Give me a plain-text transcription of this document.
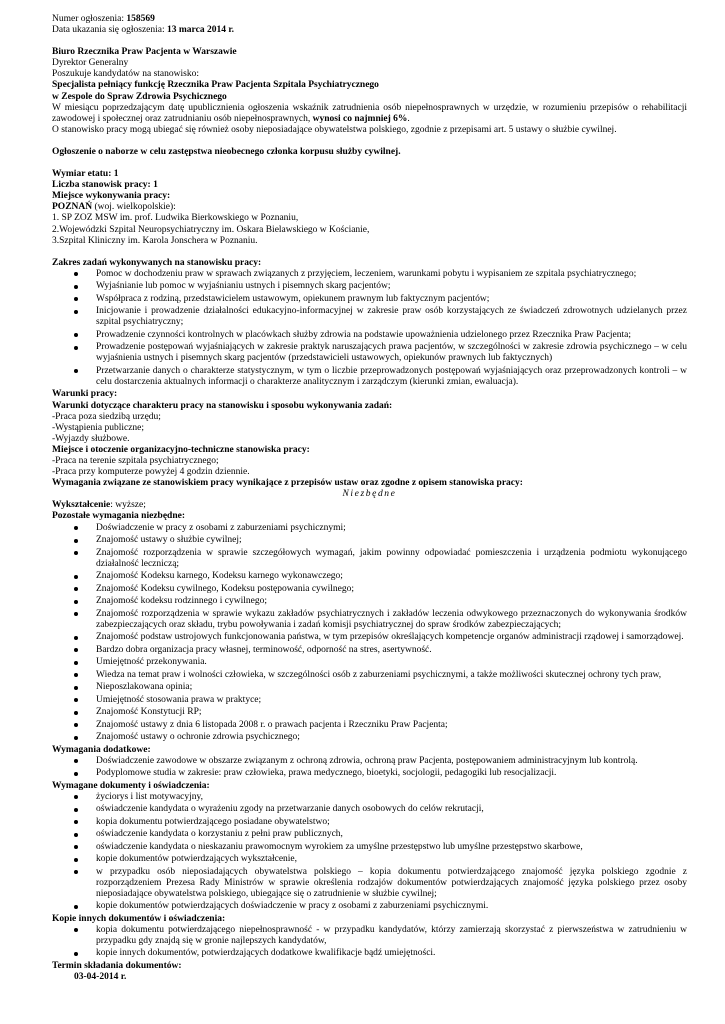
Numer ogłoszenia: 158569

Data ukazania się ogłoszenia: 13 marca 2014 r.

Biuro Rzecznika Praw Pacjenta w Warszawie

Dyrektor Generalny

Poszukuje kandydatów na stanowisko:

Specjalista pełniący funkcję Rzecznika Praw Pacjenta Szpitala Psychiatrycznego

w Zespole do Spraw Zdrowia Psychicznego

W miesiącu poprzedzającym datę upublicznienia ogłoszenia wskaźnik zatrudnienia osób niepełnosprawnych w urzędzie, w rozumieniu przepisów o rehabilitacji zawodowej i społecznej oraz zatrudnianiu osób niepełnosprawnych, wynosi co najmniej 6%.

O stanowisko pracy mogą ubiegać się również osoby nieposiadające obywatelstwa polskiego, zgodnie z przepisami art. 5 ustawy o służbie cywilnej.

Ogłoszenie o naborze w celu zastępstwa nieobecnego członka korpusu służby cywilnej.

Wymiar etatu: 1

Liczba stanowisk pracy: 1

Miejsce wykonywania pracy:

POZNAŃ (woj. wielkopolskie):

1. SP ZOZ MSW im. prof. Ludwika Bierkowskiego w Poznaniu,

2.Wojewódzki Szpital Neuropsychiatryczny im. Oskara Bielawskiego w Kościanie,

3.Szpital Kliniczny im. Karola Jonschera w Poznaniu.

Zakres zadań wykonywanych na stanowisku pracy:

Pomoc w dochodzeniu praw w sprawach związanych z przyjęciem, leczeniem, warunkami pobytu i wypisaniem ze szpitala psychiatrycznego;
Wyjaśnianie lub pomoc w wyjaśnianiu ustnych i pisemnych skarg pacjentów;
Współpraca z rodziną, przedstawicielem ustawowym, opiekunem prawnym lub faktycznym pacjentów;
Inicjowanie i prowadzenie działalności edukacyjno-informacyjnej w zakresie praw osób korzystających ze świadczeń zdrowotnych udzielanych przez szpital psychiatryczny;
Prowadzenie czynności kontrolnych w placówkach służby zdrowia na podstawie upoważnienia udzielonego przez Rzecznika Praw Pacjenta;
Prowadzenie postępowań wyjaśniających w zakresie praktyk naruszających prawa pacjentów, w szczególności w zakresie zdrowia psychicznego – w celu wyjaśnienia ustnych i pisemnych skarg pacjentów (przedstawicieli ustawowych, opiekunów prawnych lub faktycznych)
Przetwarzanie danych o charakterze statystycznym, w tym o liczbie przeprowadzonych postępowań wyjaśniających oraz przeprowadzonych kontroli – w celu dostarczenia aktualnych informacji o charakterze analitycznym i zarządczym (kierunki zmian, ewaluacja).

Warunki pracy:

Warunki dotyczące charakteru pracy na stanowisku i sposobu wykonywania zadań:

-Praca poza siedzibą urzędu;

-Wystąpienia publiczne;

-Wyjazdy służbowe.

Miejsce i otoczenie organizacyjno-techniczne stanowiska pracy:

-Praca na terenie szpitala psychiatrycznego;

-Praca przy komputerze powyżej 4 godzin dziennie.

Wymagania związane ze stanowiskiem pracy wynikające z przepisów ustaw oraz zgodne z opisem stanowiska pracy:

Niezbędne

Wykształcenie: wyższe;

Pozostałe wymagania niezbędne:

Doświadczenie w pracy z osobami z zaburzeniami psychicznymi;
Znajomość ustawy o służbie cywilnej;
Znajomość rozporządzenia w sprawie szczegółowych wymagań, jakim powinny odpowiadać pomieszczenia i urządzenia podmiotu wykonującego działalność leczniczą;
Znajomość Kodeksu karnego, Kodeksu karnego wykonawczego;
Znajomość Kodeksu cywilnego, Kodeksu postępowania cywilnego;
Znajomość kodeksu rodzinnego i cywilnego;
Znajomość rozporządzenia w sprawie wykazu zakładów psychiatrycznych i zakładów leczenia odwykowego przeznaczonych do wykonywania środków zabezpieczających oraz składu, trybu powoływania i zadań komisji psychiatrycznej do spraw środków zabezpieczających;
Znajomość podstaw ustrojowych funkcjonowania państwa, w tym przepisów określających kompetencje organów administracji rządowej i samorządowej.
Bardzo dobra organizacja pracy własnej, terminowość, odporność na stres, asertywność.
Umiejętność przekonywania.
Wiedza na temat praw i wolności człowieka, w szczególności osób z zaburzeniami psychicznymi, a także możliwości skutecznej ochrony tych praw,
Nieposzlakowana opinia;
Umiejętność stosowania prawa w praktyce;
Znajomość Konstytucji RP;
Znajomość ustawy z dnia 6 listopada 2008 r. o prawach pacjenta i Rzeczniku Praw Pacjenta;
Znajomość ustawy o ochronie zdrowia psychicznego;

Wymagania dodatkowe:

Doświadczenie zawodowe w obszarze związanym z ochroną zdrowia, ochroną praw Pacjenta, postępowaniem administracyjnym lub kontrolą.
Podyplomowe studia w zakresie: praw człowieka, prawa medycznego, bioetyki, socjologii, pedagogiki lub resocjalizacji.

Wymagane dokumenty i oświadczenia:

życiorys i list motywacyjny,
oświadczenie kandydata o wyrażeniu zgody na przetwarzanie danych osobowych do celów rekrutacji,
kopia dokumentu potwierdzającego posiadane obywatelstwo;
oświadczenie kandydata o korzystaniu z pełni praw publicznych,
oświadczenie kandydata o nieskazaniu prawomocnym wyrokiem za umyślne przestępstwo lub umyślne przestępstwo skarbowe,
kopie dokumentów potwierdzających wykształcenie,
w przypadku osób nieposiadających obywatelstwa polskiego – kopia dokumentu potwierdzającego znajomość języka polskiego zgodnie z rozporządzeniem Prezesa Rady Ministrów w sprawie określenia rodzajów dokumentów potwierdzających znajomość języka polskiego przez osoby nieposiadające obywatelstwa polskiego, ubiegające się o zatrudnienie w służbie cywilnej;
kopie dokumentów potwierdzających doświadczenie w pracy z osobami z zaburzeniami psychicznymi.

Kopie innych dokumentów i oświadczenia:

kopia dokumentu potwierdzającego niepełnosprawność - w przypadku kandydatów, którzy zamierzają skorzystać z pierwszeństwa w zatrudnieniu w przypadku gdy znajdą się w gronie najlepszych kandydatów,
kopie innych dokumentów, potwierdzających dodatkowe kwalifikacje bądź umiejętności.

Termin składania dokumentów:

03-04-2014 r.
